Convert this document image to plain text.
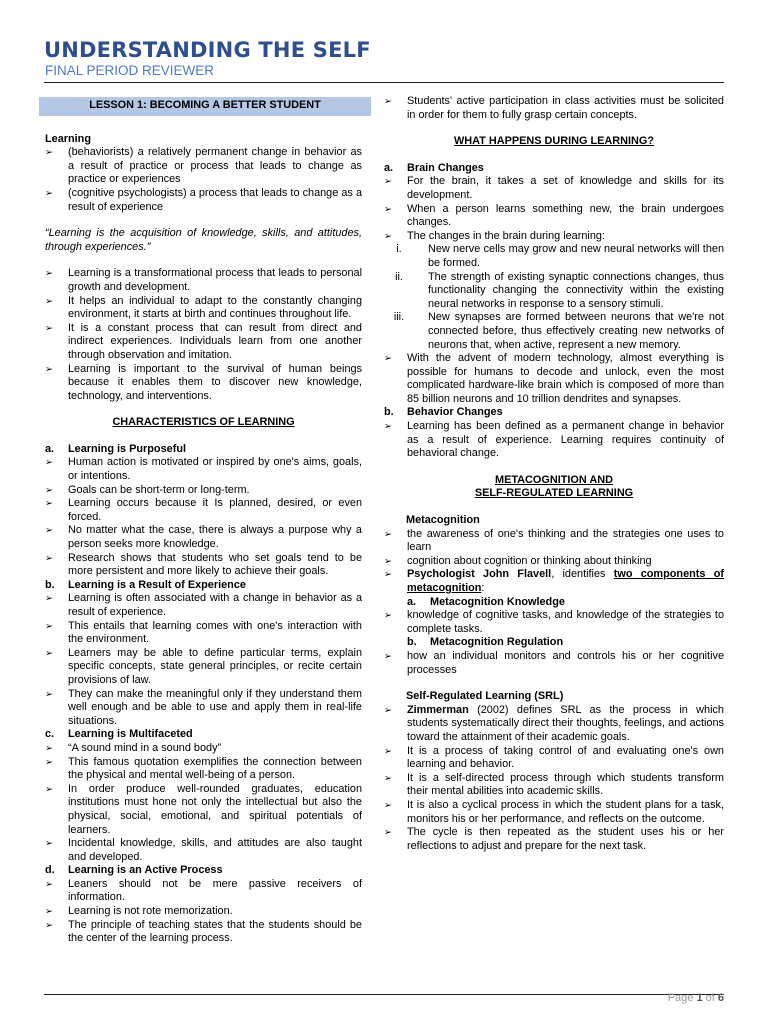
UNDERSTANDING THE SELF
FINAL PERIOD REVIEWER
LESSON 1: BECOMING A BETTER STUDENT
Learning
➢ (behaviorists) a relatively permanent change in behavior as a result of practice or process that leads to change as practice or experiences
➢ (cognitive psychologists) a process that leads to change as a result of experience
“Learning is the acquisition of knowledge, skills, and attitudes, through experiences.”
➢ Learning is a transformational process that leads to personal growth and development.
➢ It helps an individual to adapt to the constantly changing environment, it starts at birth and continues throughout life.
➢ It is a constant process that can result from direct and indirect experiences. Individuals learn from one another through observation and imitation.
➢ Learning is important to the survival of human beings because it enables them to discover new knowledge, technology, and interventions.
CHARACTERISTICS OF LEARNING
a. Learning is Purposeful
➢ Human action is motivated or inspired by one's aims, goals, or intentions.
➢ Goals can be short-term or long-term.
➢ Learning occurs because it Is planned, desired, or even forced.
➢ No matter what the case, there is always a purpose why a person seeks more knowledge.
➢ Research shows that students who set goals tend to be more persistent and more likely to achieve their goals.
b. Learning is a Result of Experience
➢ Learning is often associated with a change in behavior as a result of experience.
➢ This entails that learning comes with one's interaction with the environment.
➢ Learners may be able to define particular terms, explain specific concepts, state general principles, or recite certain provisions of law.
➢ They can make the meaningful only if they understand them well enough and be able to use and apply them in real-life situations.
c. Learning is Multifaceted
➢ “A sound mind in a sound body”
➢ This famous quotation exemplifies the connection between the physical and mental well-being of a person.
➢ In order produce well-rounded graduates, education institutions must hone not only the intellectual but also the physical, social, emotional, and spiritual potentials of learners.
➢ Incidental knowledge, skills, and attitudes are also taught and developed.
d. Learning is an Active Process
➢ Leaners should not be mere passive receivers of information.
➢ Learning is not rote memorization.
➢ The principle of teaching states that the students should be the center of the learning process.
➢ Students' active participation in class activities must be solicited in order for them to fully grasp certain concepts.
WHAT HAPPENS DURING LEARNING?
a. Brain Changes
➢ For the brain, it takes a set of knowledge and skills for its development.
➢ When a person learns something new, the brain undergoes changes.
➢ The changes in the brain during learning:
i.	New nerve cells may grow and new neural networks will then be formed.
ii.	The strength of existing synaptic connections changes, thus functionality changing the connectivity within the existing neural networks in response to a sensory stimuli.
iii.	New synapses are formed between neurons that we're not connected before, thus effectively creating new networks of neurons that, when active, represent a new memory.
➢ With the advent of modern technology, almost everything is possible for humans to decode and unlock, even the most complicated hardware-like brain which is composed of more than 85 billion neurons and 10 trillion dendrites and synapses.
b. Behavior Changes
➢ Learning has been defined as a permanent change in behavior as a result of experience. Learning requires continuity of behavioral change.
METACOGNITION AND
SELF-REGULATED LEARNING
Metacognition
➢ the awareness of one's thinking and the strategies one uses to learn
➢ cognition about cognition or thinking about thinking
➢ Psychologist John Flavell, identifies two components of metacognition:
a. Metacognition Knowledge
➢ knowledge of cognitive tasks, and knowledge of the strategies to complete tasks.
b. Metacognition Regulation
➢ how an individual monitors and controls his or her cognitive processes
Self-Regulated Learning (SRL)
➢ Zimmerman (2002) defines SRL as the process in which students systematically direct their thoughts, feelings, and actions toward the attainment of their academic goals.
➢ It is a process of taking control of and evaluating one's own learning and behavior.
➢ It is a self-directed process through which students transform their mental abilities into academic skills.
➢ It is also a cyclical process in which the student plans for a task, monitors his or her performance, and reflects on the outcome.
➢ The cycle is then repeated as the student uses his or her reflections to adjust and prepare for the next task.
Page 1 of 6
